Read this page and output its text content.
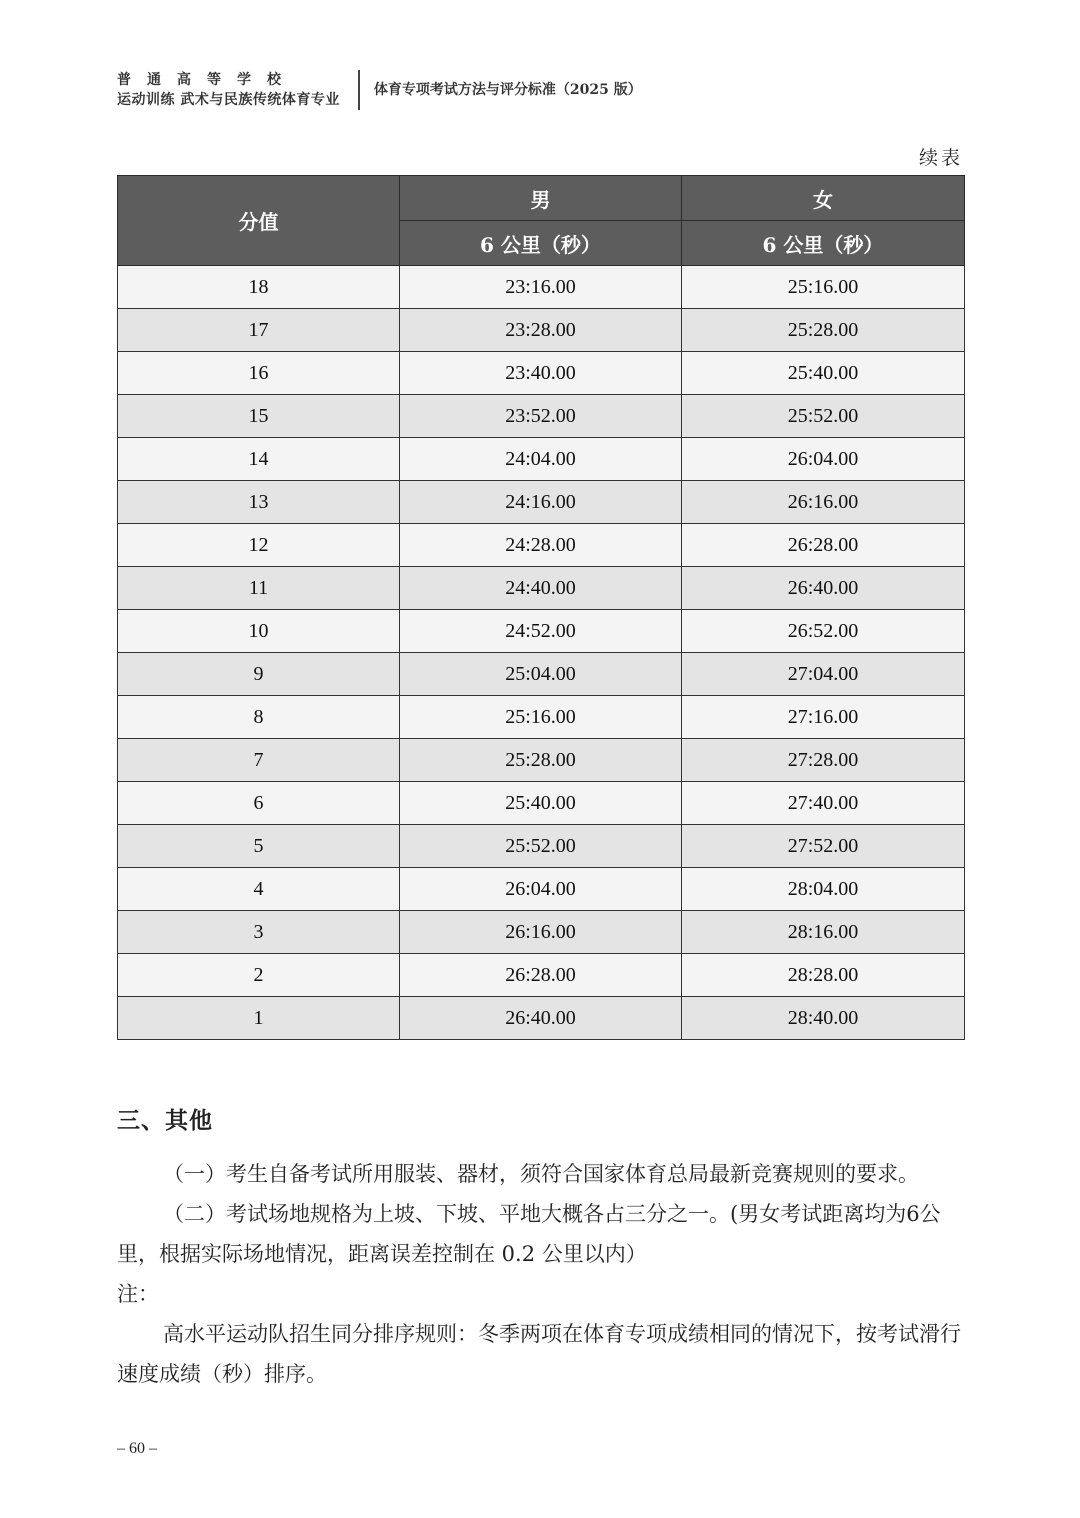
普通高等学校
运动训练 武术与民族传统体育专业
体育专项考试方法与评分标准（2025 版）
续表
分值	男	女
	6 公里（秒）	6 公里（秒）
18	23:16.00	25:16.00
17	23:28.00	25:28.00
16	23:40.00	25:40.00
15	23:52.00	25:52.00
14	24:04.00	26:04.00
13	24:16.00	26:16.00
12	24:28.00	26:28.00
11	24:40.00	26:40.00
10	24:52.00	26:52.00
9	25:04.00	27:04.00
8	25:16.00	27:16.00
7	25:28.00	27:28.00
6	25:40.00	27:40.00
5	25:52.00	27:52.00
4	26:04.00	28:04.00
3	26:16.00	28:16.00
2	26:28.00	28:28.00
1	26:40.00	28:40.00
三、其他
（一）考生自备考试所用服装、器材，须符合国家体育总局最新竞赛规则的要求。
（二）考试场地规格为上坡、下坡、平地大概各占三分之一。(男女考试距离均为6公里，根据实际场地情况，距离误差控制在 0.2 公里以内）
注：
高水平运动队招生同分排序规则：冬季两项在体育专项成绩相同的情况下，按考试滑行速度成绩（秒）排序。
– 60 –
